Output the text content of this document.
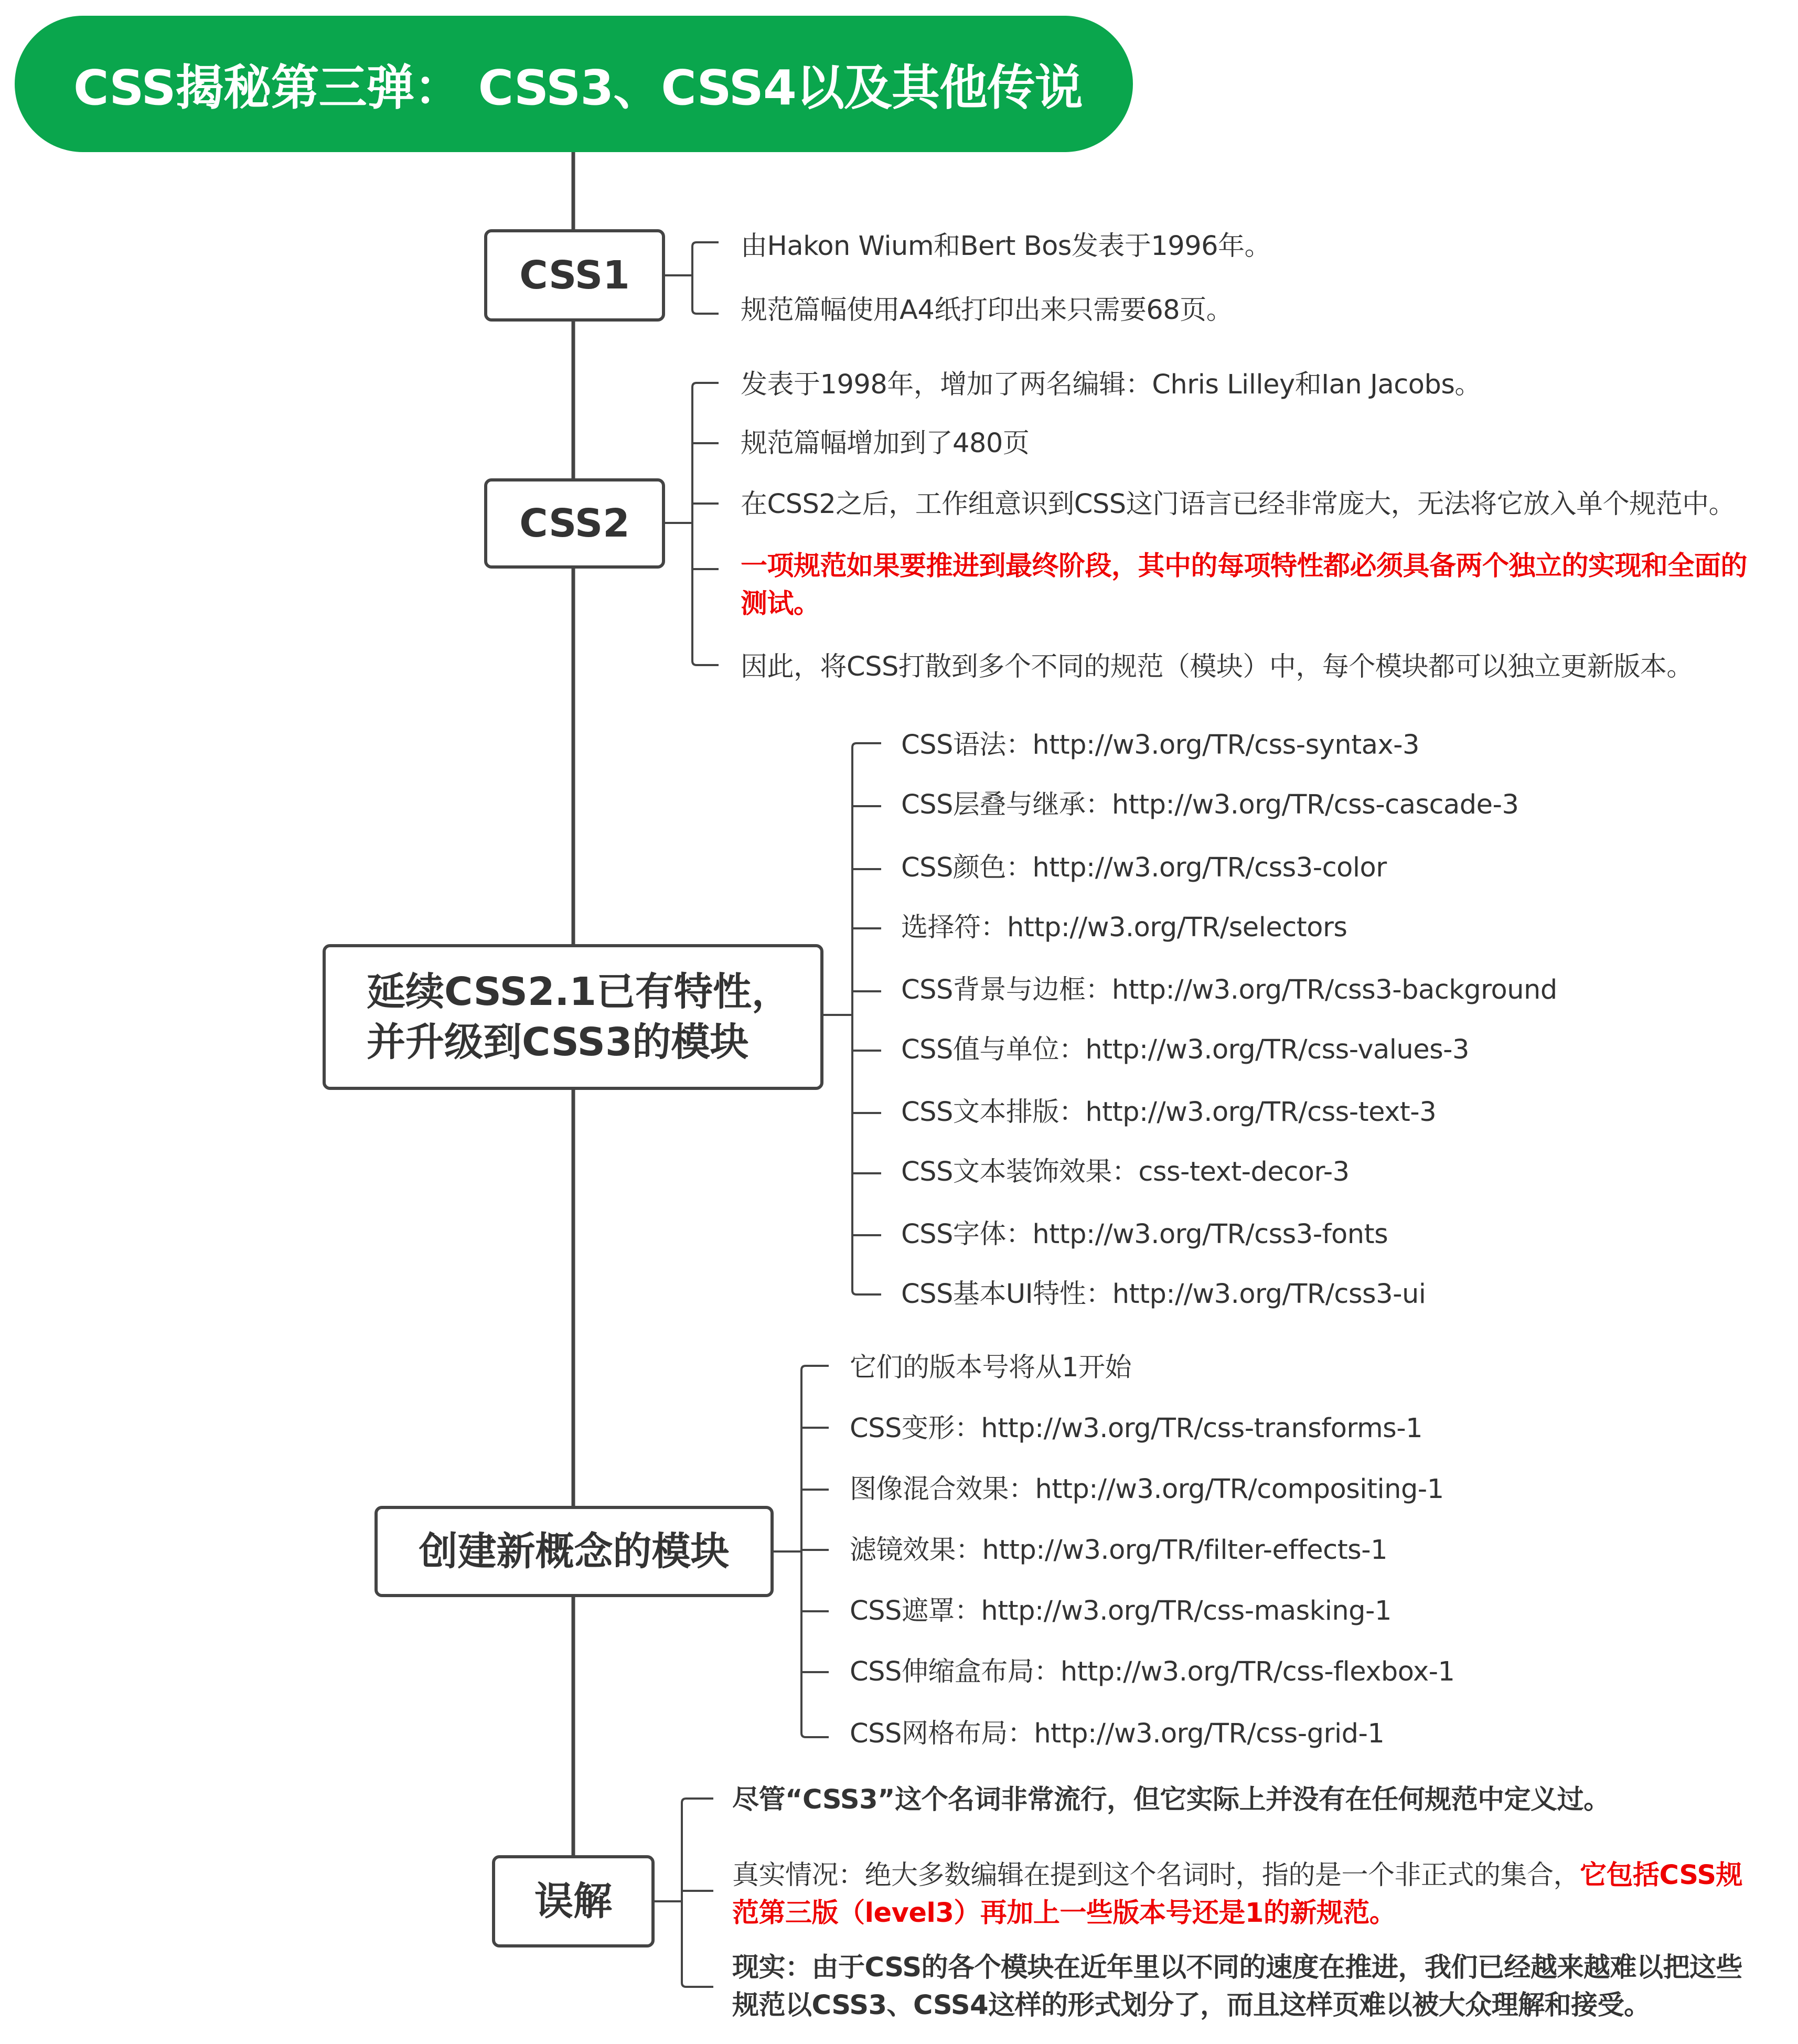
CSS揭秘第三弹： CSS3、CSS4以及其他传说
CSS1
CSS2
延续CSS2.1已有特性，
并升级到CSS3的模块
创建新概念的模块
误解
由Hakon Wium和Bert Bos发表于1996年。
规范篇幅使用A4纸打印出来只需要68页。
发表于1998年，增加了两名编辑：Chris Lilley和Ian Jacobs。
规范篇幅增加到了480页
在CSS2之后，工作组意识到CSS这门语言已经非常庞大，无法将它放入单个规范中。
一项规范如果要推进到最终阶段，其中的每项特性都必须具备两个独立的实现和全面的
测试。
因此，将CSS打散到多个不同的规范（模块）中，每个模块都可以独立更新版本。
CSS语法：http://w3.org/TR/css-syntax-3
CSS层叠与继承：http://w3.org/TR/css-cascade-3
CSS颜色：http://w3.org/TR/css3-color
选择符：http://w3.org/TR/selectors
CSS背景与边框：http://w3.org/TR/css3-background
CSS值与单位：http://w3.org/TR/css-values-3
CSS文本排版：http://w3.org/TR/css-text-3
CSS文本装饰效果：css-text-decor-3
CSS字体：http://w3.org/TR/css3-fonts
CSS基本UI特性：http://w3.org/TR/css3-ui
它们的版本号将从1开始
CSS变形：http://w3.org/TR/css-transforms-1
图像混合效果：http://w3.org/TR/compositing-1
滤镜效果：http://w3.org/TR/filter-effects-1
CSS遮罩：http://w3.org/TR/css-masking-1
CSS伸缩盒布局：http://w3.org/TR/css-flexbox-1
CSS网格布局：http://w3.org/TR/css-grid-1
尽管“CSS3”这个名词非常流行，但它实际上并没有在任何规范中定义过。
真实情况：绝大多数编辑在提到这个名词时，指的是一个非正式的集合，它包括CSS规
范第三版（level3）再加上一些版本号还是1的新规范。
现实：由于CSS的各个模块在近年里以不同的速度在推进，我们已经越来越难以把这些
规范以CSS3、CSS4这样的形式划分了，而且这样页难以被大众理解和接受。
